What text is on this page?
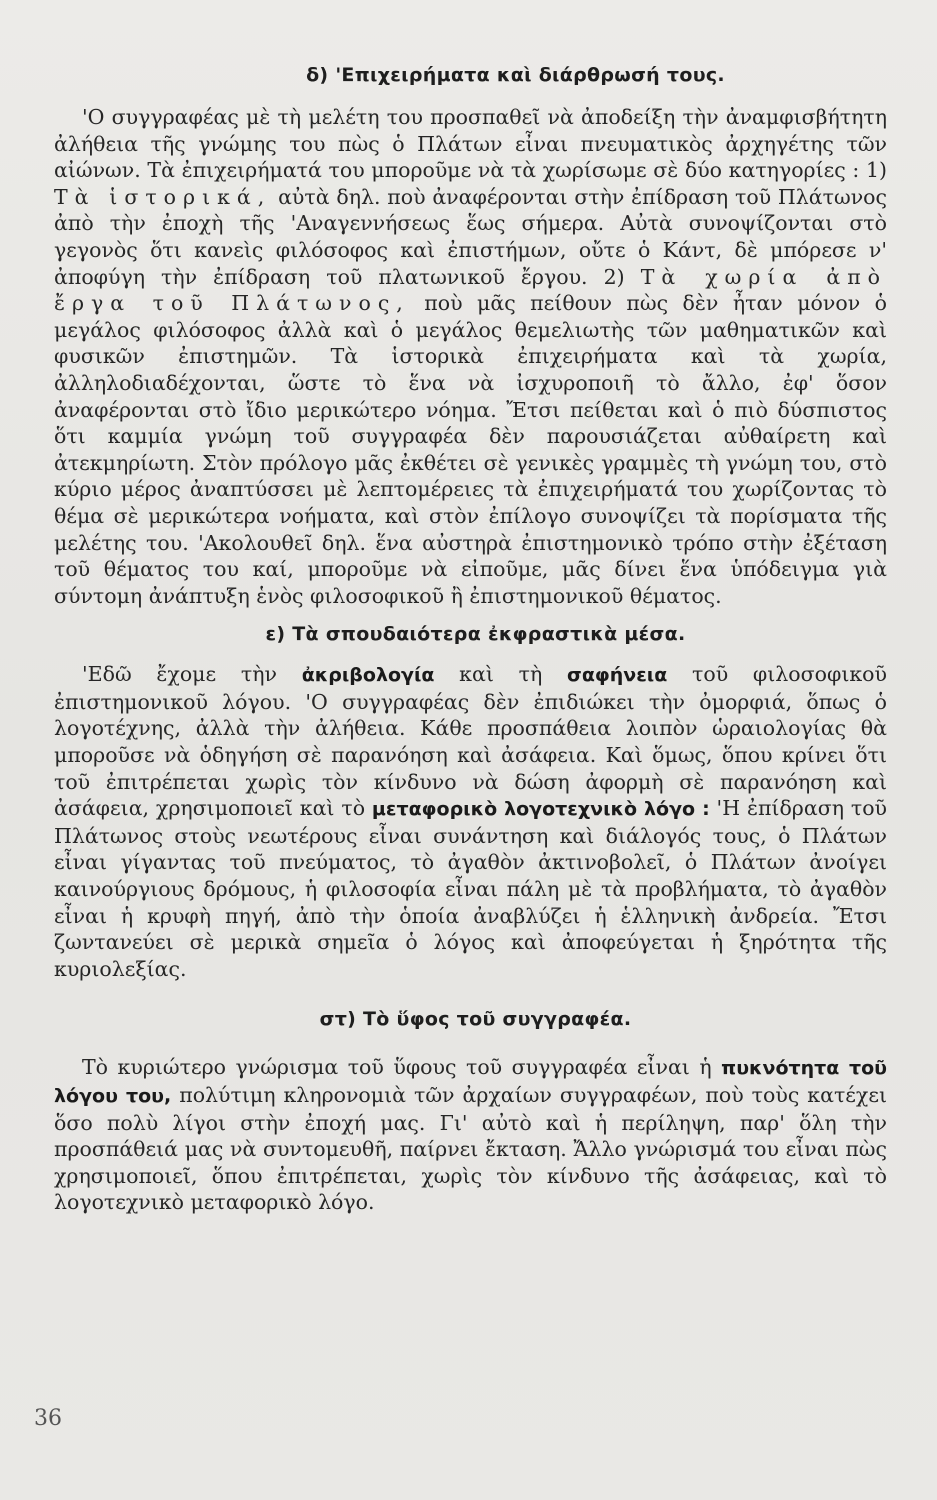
δ) 'Επιχειρήματα καὶ διάρθρωσή τους.

'Ο συγγραφέας μὲ τὴ μελέτη του προσπαθεῖ νὰ ἀποδείξη τὴν ἀναμφισβήτητη ἀλήθεια τῆς γνώμης του πὼς ὁ Πλάτων εἶναι πνευματικὸς ἀρχηγέτης τῶν αἰώνων. Τὰ ἐπιχειρήματά του μποροῦμε νὰ τὰ χωρίσωμε σὲ δύο κατηγορίες : 1) Τὰ ἱστορικά, αὐτὰ δηλ. ποὺ ἀναφέρονται στὴν ἐπίδραση τοῦ Πλάτωνος ἀπὸ τὴν ἐποχὴ τῆς 'Αναγεννήσεως ἕως σήμερα. Αὐτὰ συνοψίζονται στὸ γεγονὸς ὅτι κανεὶς φιλόσοφος καὶ ἐπιστήμων, οὔτε ὁ Κάντ, δὲ μπόρεσε ν' ἀποφύγη τὴν ἐπίδραση τοῦ πλατωνικοῦ ἔργου. 2) Τὰ χωρία ἀπὸ ἔργα τοῦ Πλάτωνος, ποὺ μᾶς πείθουν πὼς δὲν ἦταν μόνον ὁ μεγάλος φιλόσοφος ἀλλὰ καὶ ὁ μεγάλος θεμελιωτὴς τῶν μαθηματικῶν καὶ φυσικῶν ἐπιστημῶν. Τὰ ἱστορικὰ ἐπιχειρήματα καὶ τὰ χωρία, ἀλληλοδιαδέχονται, ὥστε τὸ ἕνα νὰ ἰσχυροποιῆ τὸ ἄλλο, ἐφ' ὅσον ἀναφέρονται στὸ ἴδιο μερικώτερο νόημα. Ἔτσι πείθεται καὶ ὁ πιὸ δύσπιστος ὅτι καμμία γνώμη τοῦ συγγραφέα δὲν παρουσιάζεται αὐθαίρετη καὶ ἀτεκμηρίωτη. Στὸν πρόλογο μᾶς ἐκθέτει σὲ γενικὲς γραμμὲς τὴ γνώμη του, στὸ κύριο μέρος ἀναπτύσσει μὲ λεπτομέρειες τὰ ἐπιχειρήματά του χωρίζοντας τὸ θέμα σὲ μερικώτερα νοήματα, καὶ στὸν ἐπίλογο συνοψίζει τὰ πορίσματα τῆς μελέτης του. 'Ακολουθεῖ δηλ. ἕνα αὐστηρὰ ἐπιστημονικὸ τρόπο στὴν ἐξέταση τοῦ θέματος του καί, μποροῦμε νὰ εἰποῦμε, μᾶς δίνει ἕνα ὑπόδειγμα γιὰ σύντομη ἀνάπτυξη ἑνὸς φιλοσοφικοῦ ἢ ἐπιστημονικοῦ θέματος.

ε) Τὰ σπουδαιότερα ἐκφραστικὰ μέσα.

'Εδῶ ἔχομε τὴν ἀκριβολογία καὶ τὴ σαφήνεια τοῦ φιλοσοφικοῦ ἐπιστημονικοῦ λόγου. 'Ο συγγραφέας δὲν ἐπιδιώκει τὴν ὀμορφιά, ὅπως ὁ λογοτέχνης, ἀλλὰ τὴν ἀλήθεια. Κάθε προσπάθεια λοιπὸν ὡραιολογίας θὰ μποροῦσε νὰ ὁδηγήση σὲ παρανόηση καὶ ἀσάφεια. Καὶ ὅμως, ὅπου κρίνει ὅτι τοῦ ἐπιτρέπεται χωρὶς τὸν κίνδυνο νὰ δώση ἀφορμὴ σὲ παρανόηση καὶ ἀσάφεια, χρησιμοποιεῖ καὶ τὸ μεταφορικὸ λογοτεχνικὸ λόγο : 'Η ἐπίδραση τοῦ Πλάτωνος στοὺς νεωτέρους εἶναι συνάντηση καὶ διάλογός τους, ὁ Πλάτων εἶναι γίγαντας τοῦ πνεύματος, τὸ ἀγαθὸν ἀκτινοβολεῖ, ὁ Πλάτων ἀνοίγει καινούργιους δρόμους, ἡ φιλοσοφία εἶναι πάλη μὲ τὰ προβλήματα, τὸ ἀγαθὸν εἶναι ἡ κρυφὴ πηγή, ἀπὸ τὴν ὁποία ἀναβλύζει ἡ ἑλληνικὴ ἀνδρεία. Ἔτσι ζωντανεύει σὲ μερικὰ σημεῖα ὁ λόγος καὶ ἀποφεύγεται ἡ ξηρότητα τῆς κυριολεξίας.

στ) Τὸ ὕφος τοῦ συγγραφέα.

Τὸ κυριώτερο γνώρισμα τοῦ ὕφους τοῦ συγγραφέα εἶναι ἡ πυκνότητα τοῦ λόγου του, πολύτιμη κληρονομιὰ τῶν ἀρχαίων συγγραφέων, ποὺ τοὺς κατέχει ὅσο πολὺ λίγοι στὴν ἐποχή μας. Γι' αὐτὸ καὶ ἡ περίληψη, παρ' ὅλη τὴν προσπάθειά μας νὰ συντομευθῆ, παίρνει ἔκταση. Ἄλλο γνώρισμά του εἶναι πὼς χρησιμοποιεῖ, ὅπου ἐπιτρέπεται, χωρὶς τὸν κίνδυνο τῆς ἀσάφειας, καὶ τὸ λογοτεχνικὸ μεταφορικὸ λόγο.

36
